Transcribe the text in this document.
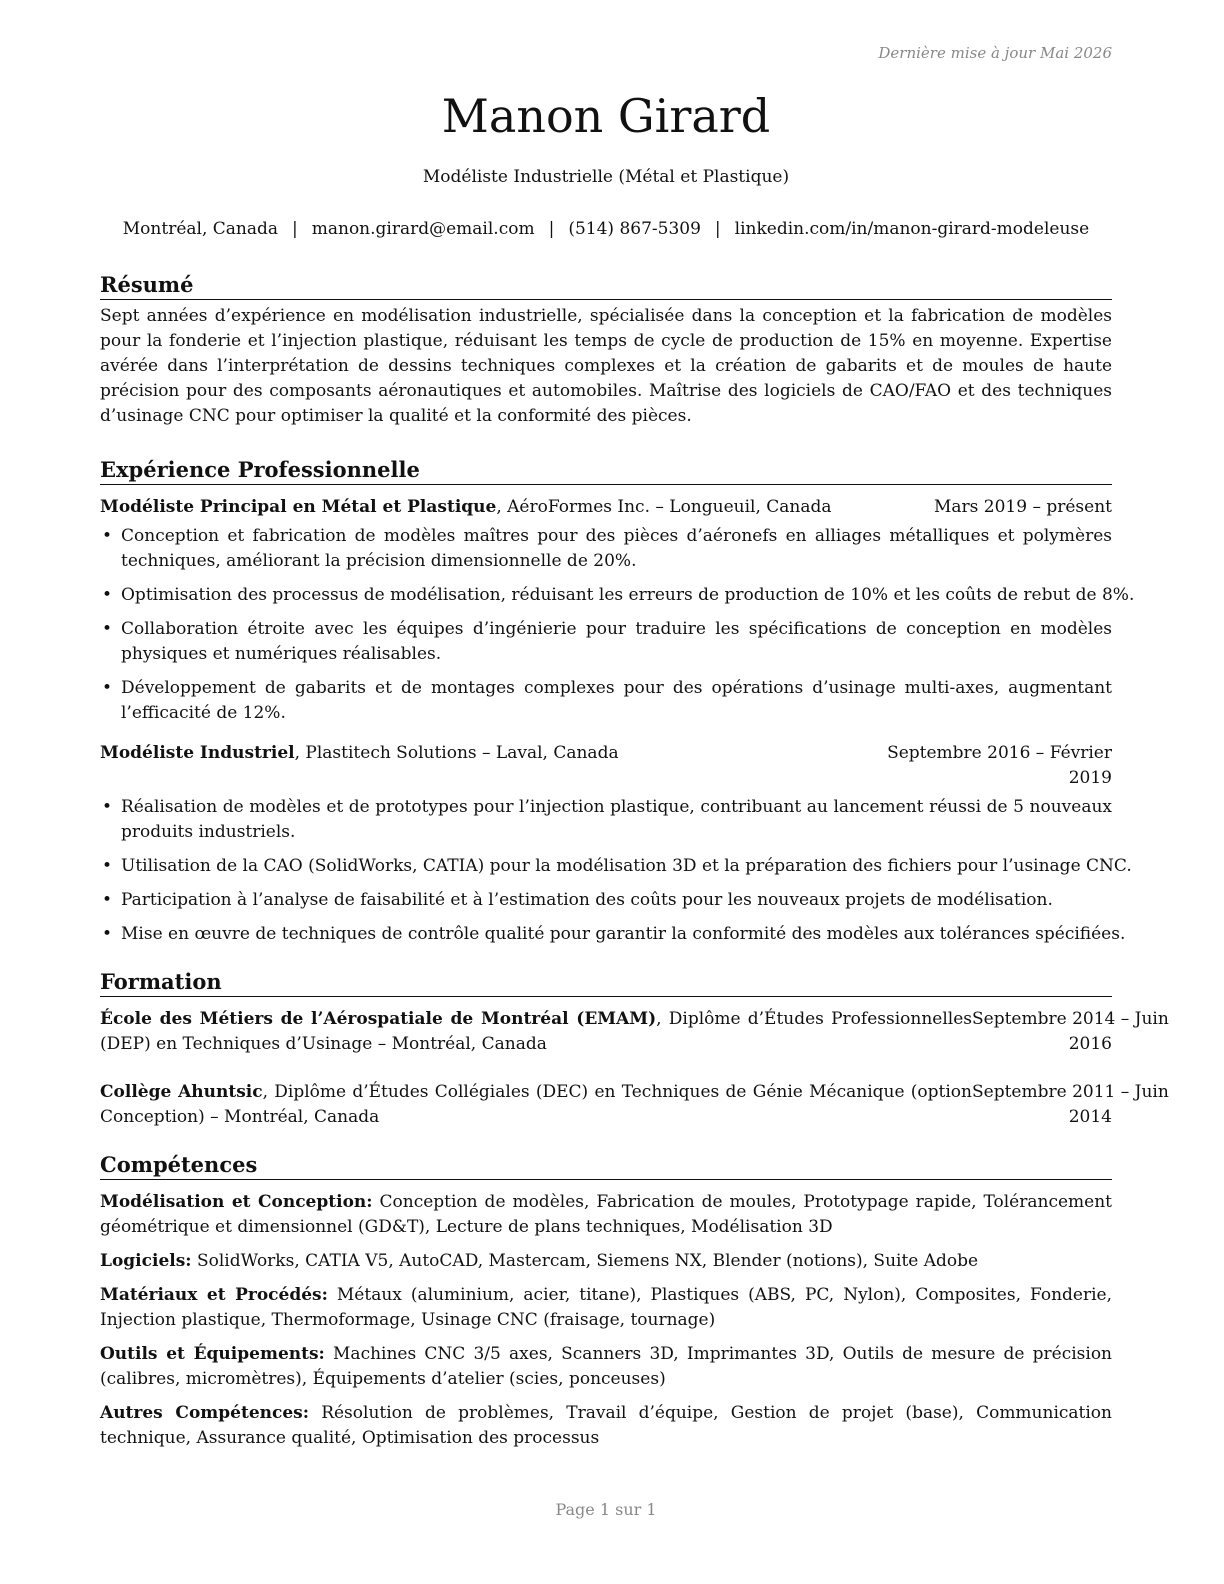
Dernière mise à jour Mai 2026
Manon Girard
Modéliste Industrielle (Métal et Plastique)
Montréal, Canada | manon.girard@email.com | (514) 867-5309 | linkedin.com/in/manon-girard-modeleuse
Résumé

Sept années d’expérience en modélisation industrielle, spécialisée dans la conception et la fabrication de modèles pour la fonderie et l’injection plastique, réduisant les temps de cycle de production de 15% en moyenne. Expertise avérée dans l’interprétation de dessins techniques complexes et la création de gabarits et de moules de haute précision pour des composants aéronautiques et automobiles. Maîtrise des logiciels de CAO/FAO et des techniques d’usinage CNC pour optimiser la qualité et la conformité des pièces.

Expérience Professionnelle
Modéliste Principal en Métal et Plastique, AéroFormes Inc. – Longueuil, Canada	Mars 2019 – présent
• Conception et fabrication de modèles maîtres pour des pièces d’aéronefs en alliages métalliques et polymères techniques, améliorant la précision dimensionnelle de 20%.
• Optimisation des processus de modélisation, réduisant les erreurs de production de 10% et les coûts de rebut de 8%.
• Collaboration étroite avec les équipes d’ingénierie pour traduire les spécifications de conception en modèles physiques et numériques réalisables.
• Développement de gabarits et de montages complexes pour des opérations d’usinage multi-axes, augmentant l’efficacité de 12%.
Modéliste Industriel, Plastitech Solutions – Laval, Canada	Septembre 2016 – Février
2019
• Réalisation de modèles et de prototypes pour l’injection plastique, contribuant au lancement réussi de 5 nouveaux produits industriels.
• Utilisation de la CAO (SolidWorks, CATIA) pour la modélisation 3D et la préparation des fichiers pour l’usinage CNC.
• Participation à l’analyse de faisabilité et à l’estimation des coûts pour les nouveaux projets de modélisation.
• Mise en œuvre de techniques de contrôle qualité pour garantir la conformité des modèles aux tolérances spécifiées.
Formation
École des Métiers de l’Aérospatiale de Montréal (EMAM), Diplôme d’Études Professionnelles (DEP) en Techniques d’Usinage – Montréal, Canada
Septembre 2014 – Juin
2016
Collège Ahuntsic, Diplôme d’Études Collégiales (DEC) en Techniques de Génie Mécanique (option Conception) – Montréal, Canada
Septembre 2011 – Juin
2014
Compétences

Modélisation et Conception: Conception de modèles, Fabrication de moules, Prototypage rapide, Tolérancement géométrique et dimensionnel (GD&T), Lecture de plans techniques, Modélisation 3D

Logiciels: SolidWorks, CATIA V5, AutoCAD, Mastercam, Siemens NX, Blender (notions), Suite Adobe

Matériaux et Procédés: Métaux (aluminium, acier, titane), Plastiques (ABS, PC, Nylon), Composites, Fonderie, Injection plastique, Thermoformage, Usinage CNC (fraisage, tournage)

Outils et Équipements: Machines CNC 3/5 axes, Scanners 3D, Imprimantes 3D, Outils de mesure de précision (calibres, micromètres), Équipements d’atelier (scies, ponceuses)

Autres Compétences: Résolution de problèmes, Travail d’équipe, Gestion de projet (base), Communication technique, Assurance qualité, Optimisation des processus

Page 1 sur 1
